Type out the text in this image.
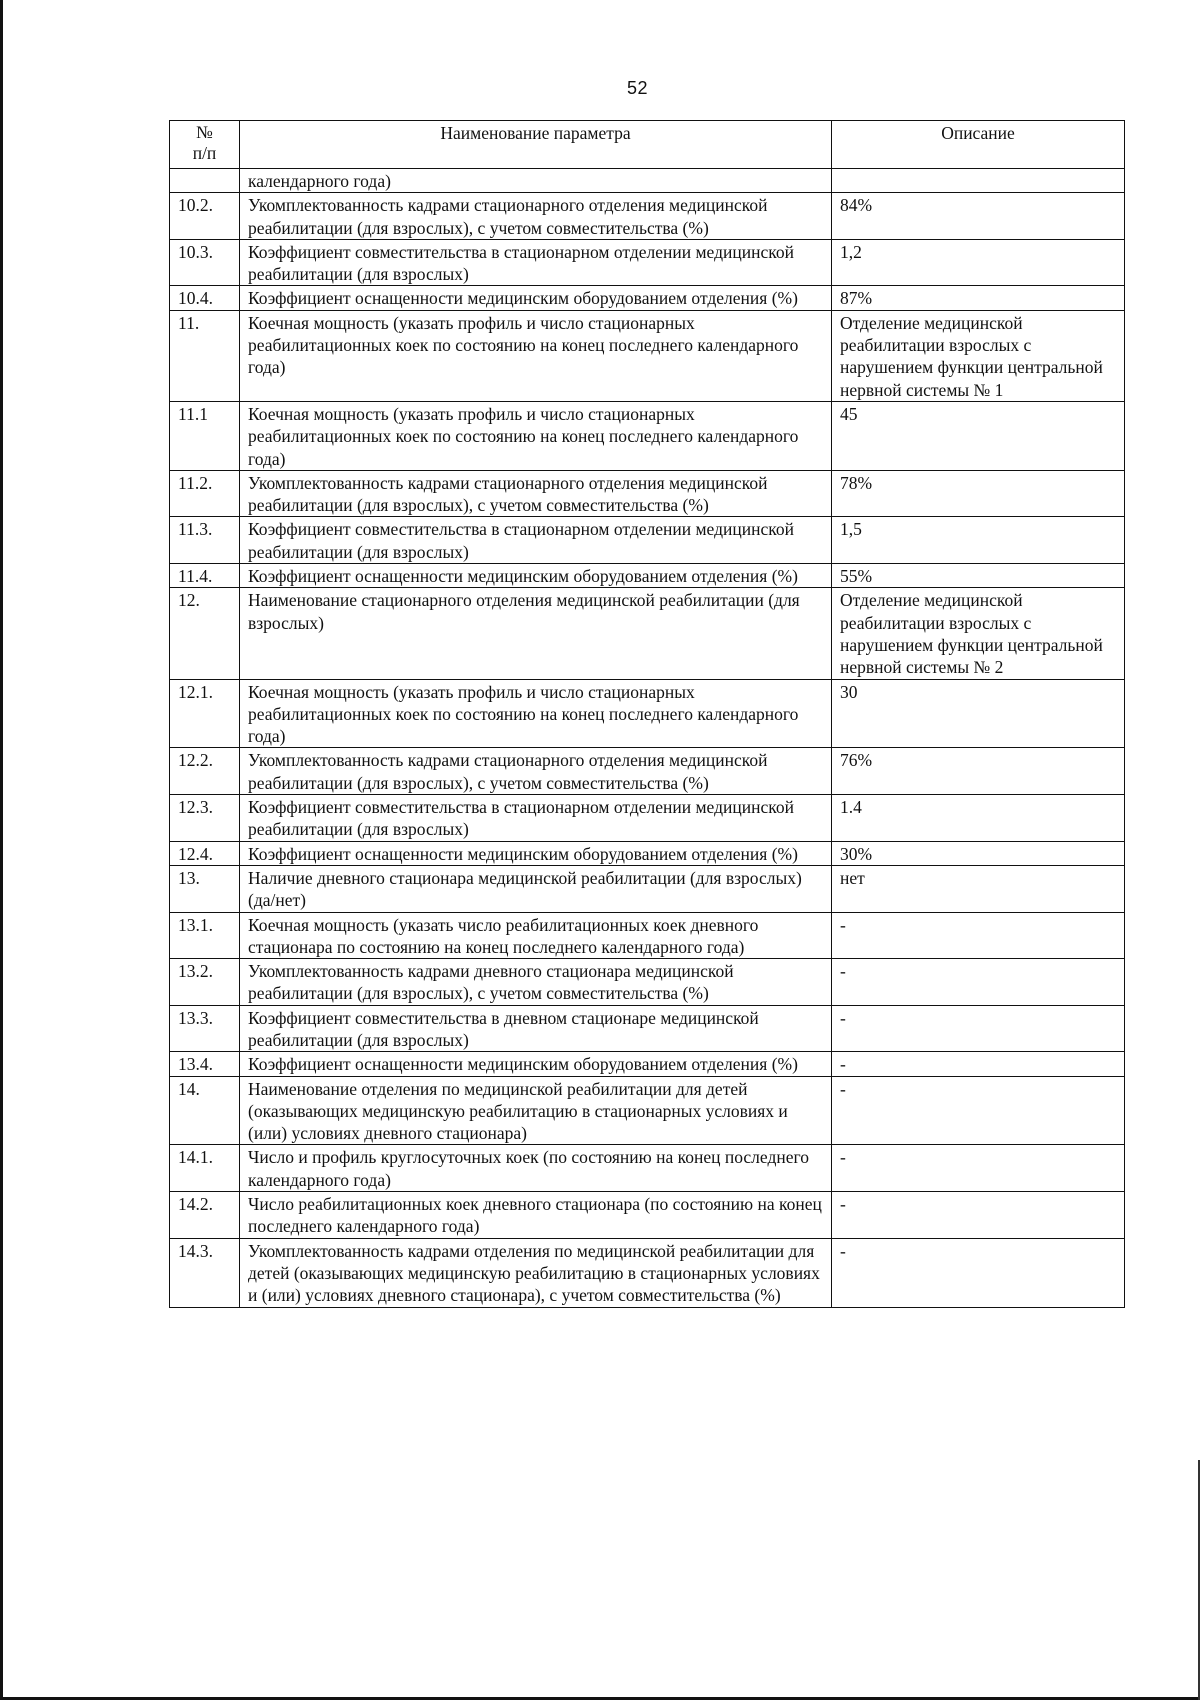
52
№
п/п	Наименование параметра	Описание
	календарного года)	
10.2.	Укомплектованность кадрами стационарного отделения медицинской реабилитации (для взрослых), с учетом совместительства (%)	84%
10.3.	Коэффициент совместительства в стационарном отделении медицинской реабилитации (для взрослых)	1,2
10.4.	Коэффициент оснащенности медицинским оборудованием отделения (%)	87%
11.	Коечная мощность (указать профиль и число стационарных реабилитационных коек по состоянию на конец последнего календарного года)	Отделение медицинской реабилитации взрослых с нарушением функции центральной нервной системы № 1
11.1	Коечная мощность (указать профиль и число стационарных реабилитационных коек по состоянию на конец последнего календарного года)	45
11.2.	Укомплектованность кадрами стационарного отделения медицинской реабилитации (для взрослых), с учетом совместительства (%)	78%
11.3.	Коэффициент совместительства в стационарном отделении медицинской реабилитации (для взрослых)	1,5
11.4.	Коэффициент оснащенности медицинским оборудованием отделения (%)	55%
12.	Наименование стационарного отделения медицинской реабилитации (для взрослых)	Отделение медицинской реабилитации взрослых с нарушением функции центральной нервной системы № 2
12.1.	Коечная мощность (указать профиль и число стационарных реабилитационных коек по состоянию на конец последнего календарного года)	30
12.2.	Укомплектованность кадрами стационарного отделения медицинской реабилитации (для взрослых), с учетом совместительства (%)	76%
12.3.	Коэффициент совместительства в стационарном отделении медицинской реабилитации (для взрослых)	1.4
12.4.	Коэффициент оснащенности медицинским оборудованием отделения (%)	30%
13.	Наличие дневного стационара медицинской реабилитации (для взрослых) (да/нет)	нет
13.1.	Коечная мощность (указать число реабилитационных коек дневного стационара по состоянию на конец последнего календарного года)	-
13.2.	Укомплектованность кадрами дневного стационара медицинской реабилитации (для взрослых), с учетом совместительства (%)	-
13.3.	Коэффициент совместительства в дневном стационаре медицинской реабилитации (для взрослых)	-
13.4.	Коэффициент оснащенности медицинским оборудованием отделения (%)	-
14.	Наименование отделения по медицинской реабилитации для детей (оказывающих медицинскую реабилитацию в стационарных условиях и (или) условиях дневного стационара)	-
14.1.	Число и профиль круглосуточных коек (по состоянию на конец последнего календарного года)	-
14.2.	Число реабилитационных коек дневного стационара (по состоянию на конец последнего календарного года)	-
14.3.	Укомплектованность кадрами отделения по медицинской реабилитации для детей (оказывающих медицинскую реабилитацию в стационарных условиях и (или) условиях дневного стационара), с учетом совместительства (%)	-
